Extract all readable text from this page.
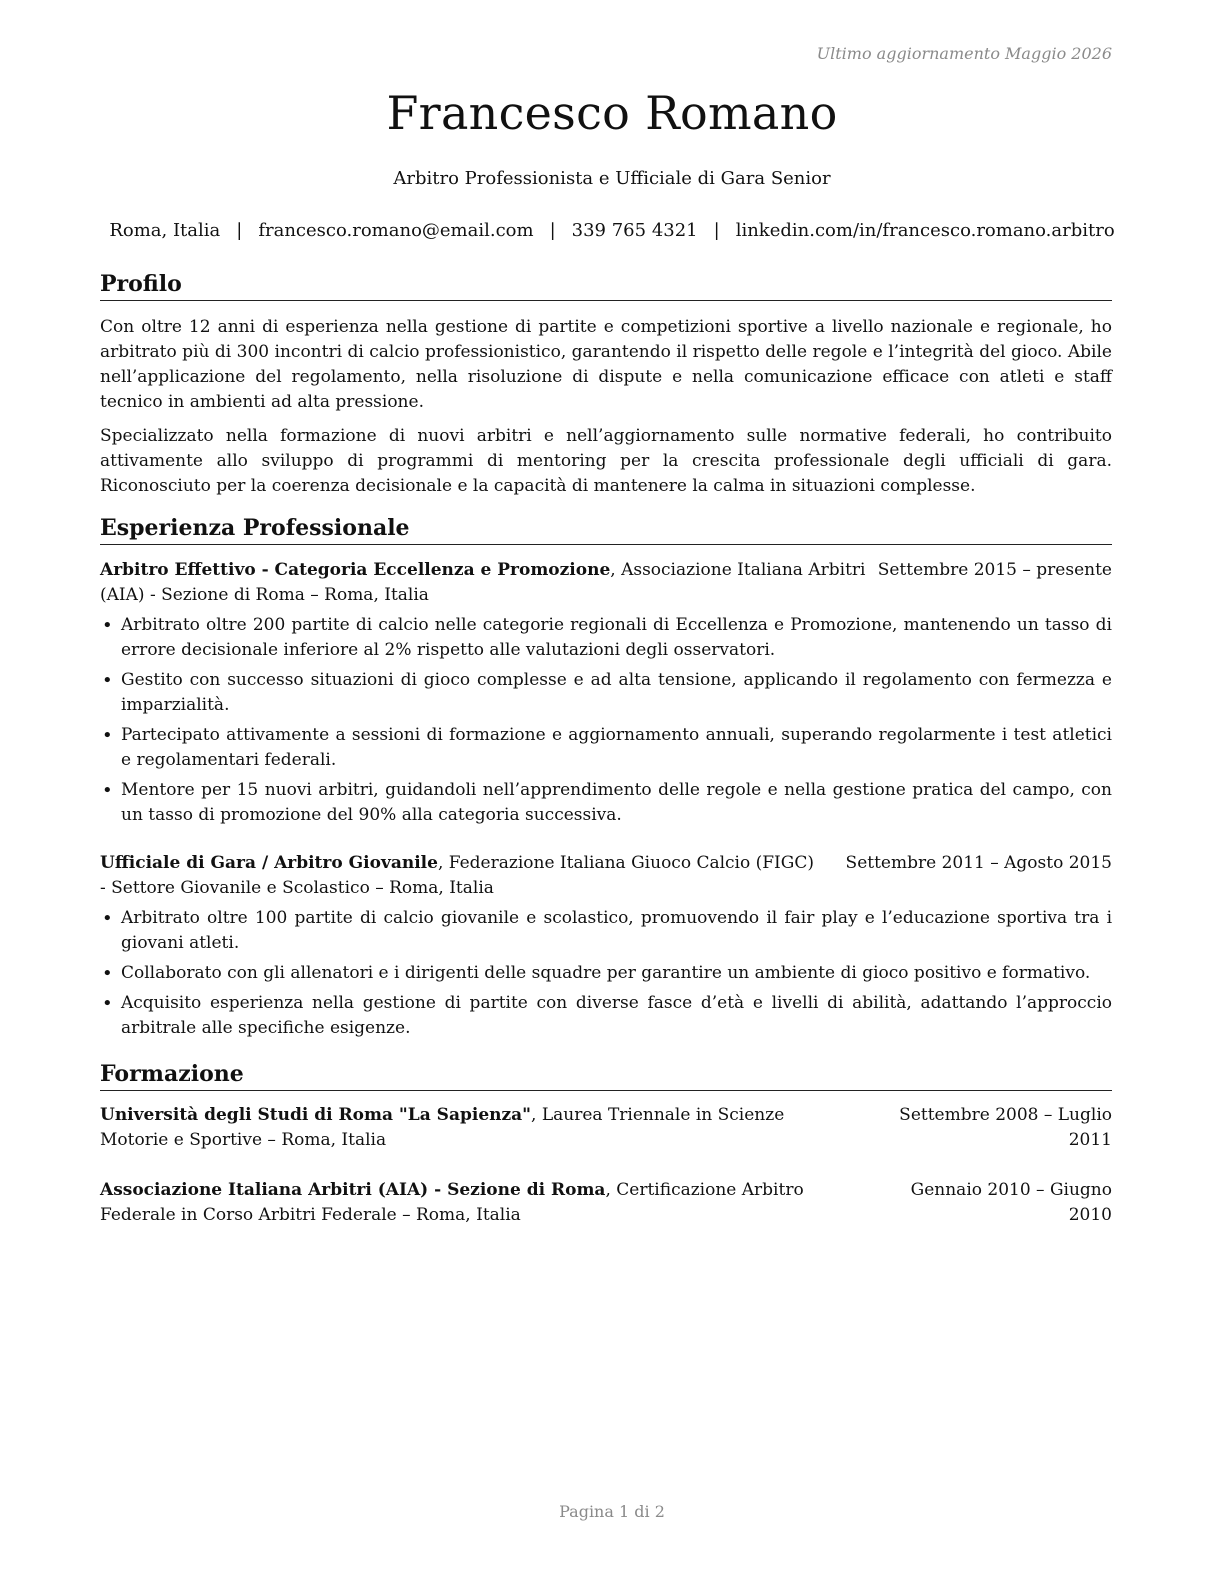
Ultimo aggiornamento Maggio 2026
Francesco Romano
Arbitro Professionista e Ufficiale di Gara Senior
Roma, Italia | francesco.romano@email.com | 339 765 4321 | linkedin.com/in/francesco.romano.arbitro
Profilo
Con oltre 12 anni di esperienza nella gestione di partite e competizioni sportive a livello nazionale e regionale, ho arbitrato più di 300 incontri di calcio professionistico, garantendo il rispetto delle regole e l’integrità del gioco. Abile nell’applicazione del regolamento, nella risoluzione di dispute e nella comunicazione efficace con atleti e staff tecnico in ambienti ad alta pressione.
Specializzato nella formazione di nuovi arbitri e nell’aggiornamento sulle normative federali, ho contribuito attivamente allo sviluppo di programmi di mentoring per la crescita professionale degli ufficiali di gara. Riconosciuto per la coerenza decisionale e la capacità di mantenere la calma in situazioni complesse.
Esperienza Professionale
Arbitro Effettivo - Categoria Eccellenza e Promozione, Associazione Italiana Arbitri (AIA) - Sezione di Roma – Roma, Italia
Settembre 2015 – presente
• Arbitrato oltre 200 partite di calcio nelle categorie regionali di Eccellenza e Promozione, mantenendo un tasso di errore decisionale inferiore al 2% rispetto alle valutazioni degli osservatori.
• Gestito con successo situazioni di gioco complesse e ad alta tensione, applicando il regolamento con fermezza e imparzialità.
• Partecipato attivamente a sessioni di formazione e aggiornamento annuali, superando regolarmente i test atletici e regolamentari federali.
• Mentore per 15 nuovi arbitri, guidandoli nell’apprendimento delle regole e nella gestione pratica del campo, con un tasso di promozione del 90% alla categoria successiva.
Ufficiale di Gara / Arbitro Giovanile, Federazione Italiana Giuoco Calcio (FIGC) - Settore Giovanile e Scolastico – Roma, Italia
Settembre 2011 – Agosto 2015
• Arbitrato oltre 100 partite di calcio giovanile e scolastico, promuovendo il fair play e l’educazione sportiva tra i giovani atleti.
• Collaborato con gli allenatori e i dirigenti delle squadre per garantire un ambiente di gioco positivo e formativo.
• Acquisito esperienza nella gestione di partite con diverse fasce d’età e livelli di abilità, adattando l’approccio arbitrale alle specifiche esigenze.
Formazione
Università degli Studi di Roma "La Sapienza", Laurea Triennale in Scienze Motorie e Sportive – Roma, Italia
Settembre 2008 – Luglio 2011
Associazione Italiana Arbitri (AIA) - Sezione di Roma, Certificazione Arbitro Federale in Corso Arbitri Federale – Roma, Italia
Gennaio 2010 – Giugno 2010
Pagina 1 di 2
